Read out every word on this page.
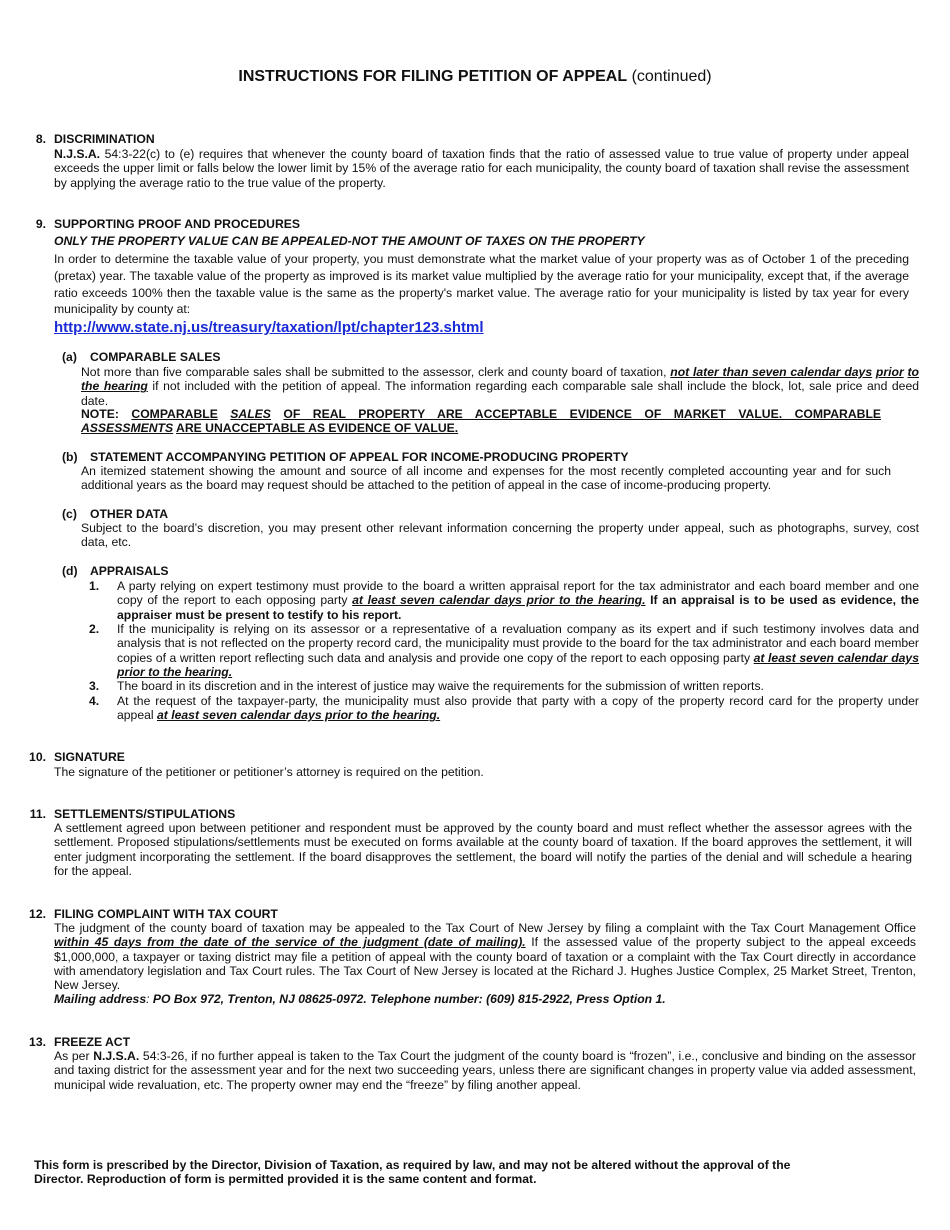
INSTRUCTIONS FOR FILING PETITION OF APPEAL (continued)
8. DISCRIMINATION
N.J.S.A. 54:3-22(c) to (e) requires that whenever the county board of taxation finds that the ratio of assessed value to true value of property under appeal exceeds the upper limit or falls below the lower limit by 15% of the average ratio for each municipality, the county board of taxation shall revise the assessment by applying the average ratio to the true value of the property.
9. SUPPORTING PROOF AND PROCEDURES
ONLY THE PROPERTY VALUE CAN BE APPEALED-NOT THE AMOUNT OF TAXES ON THE PROPERTY
In order to determine the taxable value of your property, you must demonstrate what the market value of your property was as of October 1 of the preceding (pretax) year. The taxable value of the property as improved is its market value multiplied by the average ratio for your municipality, except that, if the average ratio exceeds 100% then the taxable value is the same as the property's market value. The average ratio for your municipality is listed by tax year for every municipality by county at:
http://www.state.nj.us/treasury/taxation/lpt/chapter123.shtml
(a) COMPARABLE SALES
Not more than five comparable sales shall be submitted to the assessor, clerk and county board of taxation, not later than seven calendar days prior to the hearing if not included with the petition of appeal. The information regarding each comparable sale shall include the block, lot, sale price and deed date.
NOTE: COMPARABLE SALES OF REAL PROPERTY ARE ACCEPTABLE EVIDENCE OF MARKET VALUE. COMPARABLE
ASSESSMENTS ARE UNACCEPTABLE AS EVIDENCE OF VALUE.
(b) STATEMENT ACCOMPANYING PETITION OF APPEAL FOR INCOME-PRODUCING PROPERTY
An itemized statement showing the amount and source of all income and expenses for the most recently completed accounting year and for such additional years as the board may request should be attached to the petition of appeal in the case of income-producing property.
(c) OTHER DATA
Subject to the board’s discretion, you may present other relevant information concerning the property under appeal, such as photographs, survey, cost data, etc.
(d) APPRAISALS
1. A party relying on expert testimony must provide to the board a written appraisal report for the tax administrator and each board member and one copy of the report to each opposing party at least seven calendar days prior to the hearing. If an appraisal is to be used as evidence, the appraiser must be present to testify to his report.
2. If the municipality is relying on its assessor or a representative of a revaluation company as its expert and if such testimony involves data and analysis that is not reflected on the property record card, the municipality must provide to the board for the tax administrator and each board member copies of a written report reflecting such data and analysis and provide one copy of the report to each opposing party at least seven calendar days prior to the hearing.
3. The board in its discretion and in the interest of justice may waive the requirements for the submission of written reports.
4. At the request of the taxpayer-party, the municipality must also provide that party with a copy of the property record card for the property under appeal at least seven calendar days prior to the hearing.
10. SIGNATURE
The signature of the petitioner or petitioner’s attorney is required on the petition.
11. SETTLEMENTS/STIPULATIONS
A settlement agreed upon between petitioner and respondent must be approved by the county board and must reflect whether the assessor agrees with the settlement. Proposed stipulations/settlements must be executed on forms available at the county board of taxation. If the board approves the settlement, it will enter judgment incorporating the settlement. If the board disapproves the settlement, the board will notify the parties of the denial and will schedule a hearing for the appeal.
12. FILING COMPLAINT WITH TAX COURT
The judgment of the county board of taxation may be appealed to the Tax Court of New Jersey by filing a complaint with the Tax Court Management Office within 45 days from the date of the service of the judgment (date of mailing). If the assessed value of the property subject to the appeal exceeds $1,000,000, a taxpayer or taxing district may file a petition of appeal with the county board of taxation or a complaint with the Tax Court directly in accordance with amendatory legislation and Tax Court rules. The Tax Court of New Jersey is located at the Richard J. Hughes Justice Complex, 25 Market Street, Trenton, New Jersey.
Mailing address: PO Box 972, Trenton, NJ 08625-0972. Telephone number: (609) 815-2922, Press Option 1.
13. FREEZE ACT
As per N.J.S.A. 54:3-26, if no further appeal is taken to the Tax Court the judgment of the county board is “frozen”, i.e., conclusive and binding on the assessor and taxing district for the assessment year and for the next two succeeding years, unless there are significant changes in property value via added assessment, municipal wide revaluation, etc. The property owner may end the “freeze” by filing another appeal.
This form is prescribed by the Director, Division of Taxation, as required by law, and may not be altered without the approval of the
Director. Reproduction of form is permitted provided it is the same content and format.
